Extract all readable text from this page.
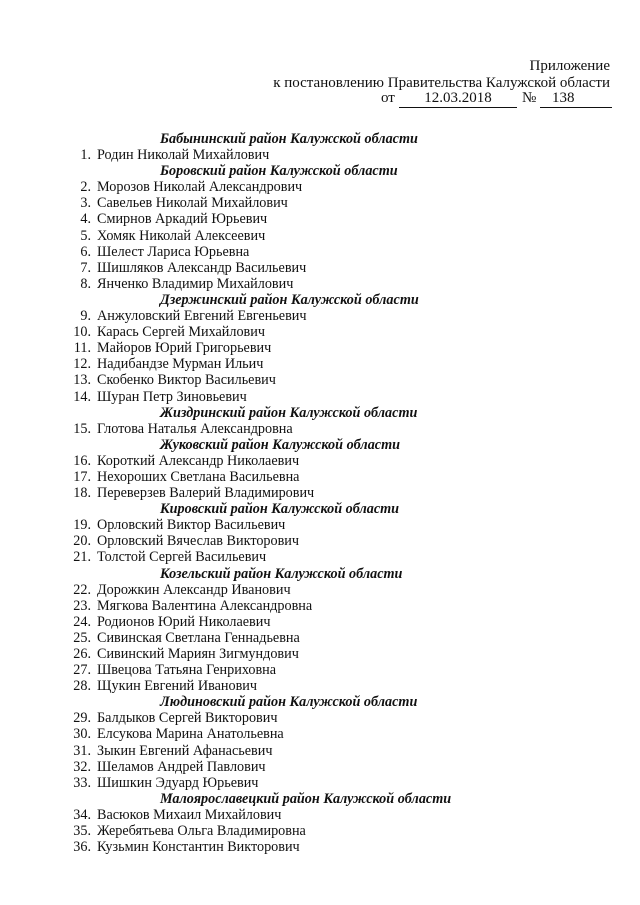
Приложение
к постановлению Правительства Калужской области
от	12.03.2018	№	138
Бабынинский район Калужской области
1. Родин Николай Михайлович
Боровский район Калужской области
2. Морозов Николай Александрович
3. Савельев Николай Михайлович
4. Смирнов Аркадий Юрьевич
5. Хомяк Николай Алексеевич
6. Шелест Лариса Юрьевна
7. Шишляков Александр Васильевич
8. Янченко Владимир Михайлович
Дзержинский район Калужской области
9. Анжуловский Евгений Евгеньевич
10. Карась Сергей Михайлович
11. Майоров Юрий Григорьевич
12. Надибандзе Мурман Ильич
13. Скобенко Виктор Васильевич
14. Шуран Петр Зиновьевич
Жиздринский район Калужской области
15. Глотова Наталья Александровна
Жуковский район Калужской области
16. Короткий Александр Николаевич
17. Нехороших Светлана Васильевна
18. Переверзев Валерий Владимирович
Кировский район Калужской области
19. Орловский Виктор Васильевич
20. Орловский Вячеслав Викторович
21. Толстой Сергей Васильевич
Козельский район Калужской области
22. Дорожкин Александр Иванович
23. Мягкова Валентина Александровна
24. Родионов Юрий Николаевич
25. Сивинская Светлана Геннадьевна
26. Сивинский Мариян Зигмундович
27. Швецова Татьяна Генриховна
28. Щукин Евгений Иванович
Людиновский район Калужской области
29. Балдыков Сергей Викторович
30. Елсукова Марина Анатольевна
31. Зыкин Евгений Афанасьевич
32. Шеламов Андрей Павлович
33. Шишкин Эдуард Юрьевич
Малоярославецкий район Калужской области
34. Васюков Михаил Михайлович
35. Жеребятьева Ольга Владимировна
36. Кузьмин Константин Викторович
